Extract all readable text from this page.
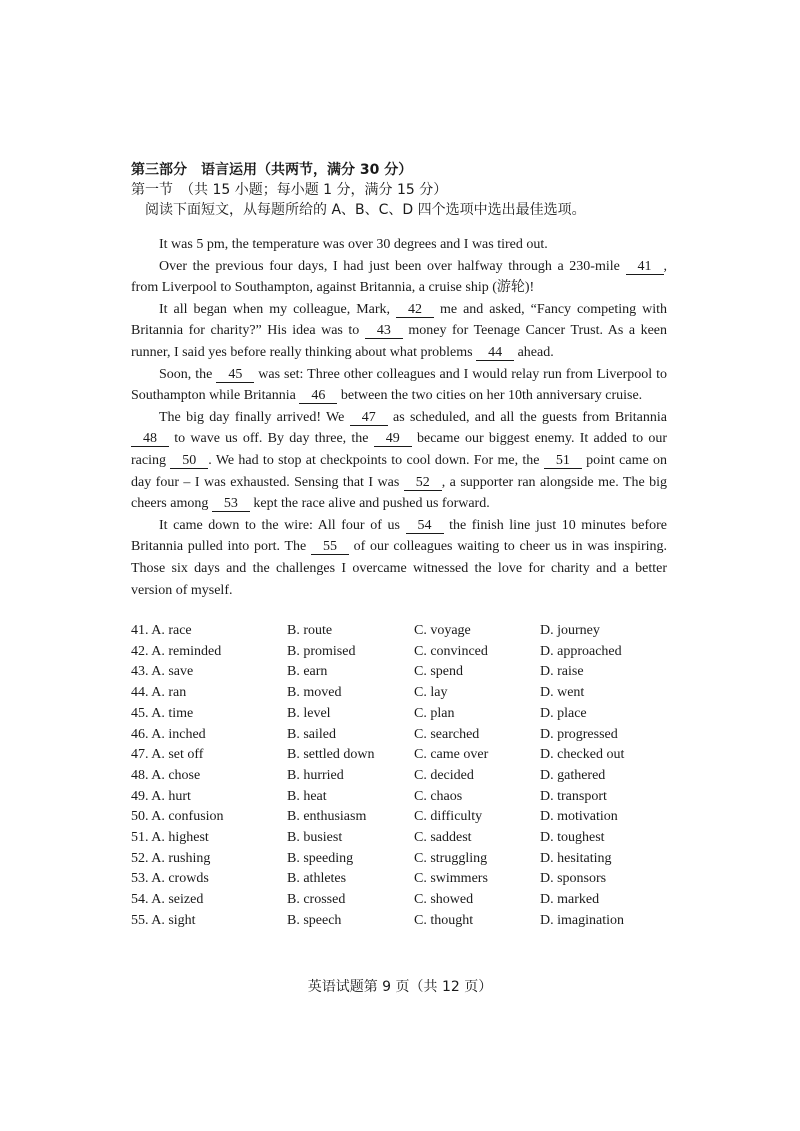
第三部分　语言运用（共两节，满分 30 分）
第一节　（共 15 小题；每小题 1 分，满分 15 分）
阅读下面短文，从每题所给的 A、B、C、D 四个选项中选出最佳选项。

It was 5 pm, the temperature was over 30 degrees and I was tired out.

Over the previous four days, I had just been over halfway through a 230-mile 41 , from Liverpool to Southampton, against Britannia, a cruise ship (游轮)!

It all began when my colleague, Mark, 42 me and asked, “Fancy competing with Britannia for charity?” His idea was to 43 money for Teenage Cancer Trust. As a keen runner, I said yes before really thinking about what problems 44 ahead.

Soon, the 45 was set: Three other colleagues and I would relay run from Liverpool to Southampton while Britannia 46 between the two cities on her 10th anniversary cruise.

The big day finally arrived! We 47 as scheduled, and all the guests from Britannia 48 to wave us off. By day three, the 49 became our biggest enemy. It added to our racing 50 . We had to stop at checkpoints to cool down. For me, the 51 point came on day four – I was exhausted. Sensing that I was 52 , a supporter ran alongside me. The big cheers among 53 kept the race alive and pushed us forward.

It came down to the wire: All four of us 54 the finish line just 10 minutes before Britannia pulled into port. The 55 of our colleagues waiting to cheer us in was inspiring. Those six days and the challenges I overcame witnessed the love for charity and a better version of myself.

41. A. race	B. route	C. voyage	D. journey
42. A. reminded	B. promised	C. convinced	D. approached
43. A. save	B. earn	C. spend	D. raise
44. A. ran	B. moved	C. lay	D. went
45. A. time	B. level	C. plan	D. place
46. A. inched	B. sailed	C. searched	D. progressed
47. A. set off	B. settled down	C. came over	D. checked out
48. A. chose	B. hurried	C. decided	D. gathered
49. A. hurt	B. heat	C. chaos	D. transport
50. A. confusion	B. enthusiasm	C. difficulty	D. motivation
51. A. highest	B. busiest	C. saddest	D. toughest
52. A. rushing	B. speeding	C. struggling	D. hesitating
53. A. crowds	B. athletes	C. swimmers	D. sponsors
54. A. seized	B. crossed	C. showed	D. marked
55. A. sight	B. speech	C. thought	D. imagination
英语试题第 9 页（共 12 页）
